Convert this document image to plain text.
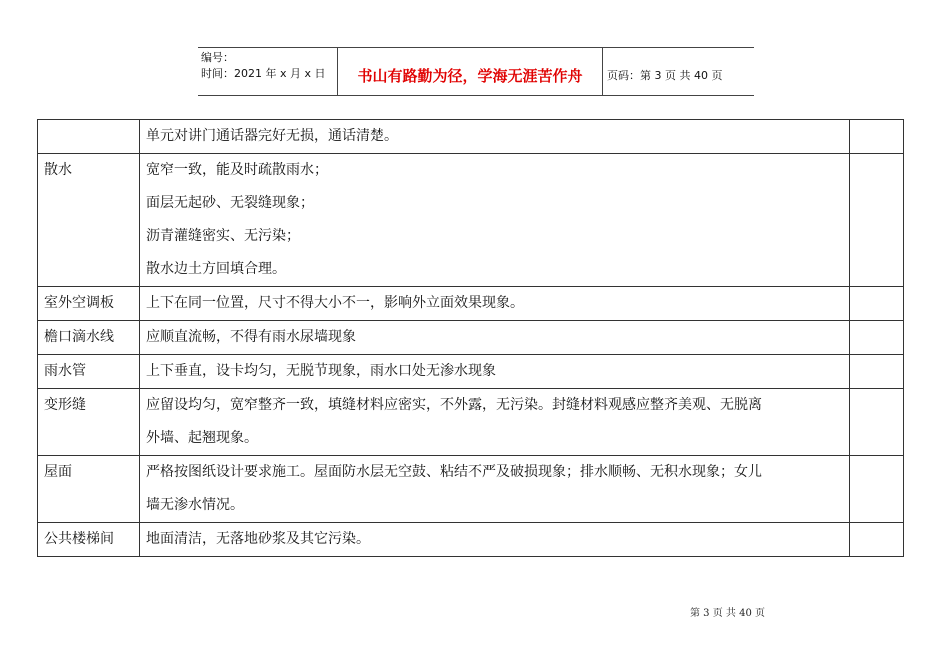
编号：
时间：2021 年 x 月 x 日	书山有路勤为径，学海无涯苦作舟	页码：第 3 页 共 40 页

	单元对讲门通话器完好无损，通话清楚。	

散水	宽窄一致，能及时疏散雨水；
面层无起砂、无裂缝现象；
沥青灌缝密实、无污染；
散水边土方回填合理。	

室外空调板	上下在同一位置，尺寸不得大小不一，影响外立面效果现象。	

檐口滴水线	应顺直流畅，不得有雨水尿墙现象	

雨水管	上下垂直，设卡均匀，无脱节现象，雨水口处无渗水现象	

变形缝	应留设均匀，宽窄整齐一致，填缝材料应密实，不外露，无污染。封缝材料观感应整齐美观、无脱离
外墙、起翘现象。	

屋面	严格按图纸设计要求施工。屋面防水层无空鼓、粘结不严及破损现象；排水顺畅、无积水现象；女儿
墙无渗水情况。	

公共楼梯间	地面清洁，无落地砂浆及其它污染。	

第 3 页 共 40 页
